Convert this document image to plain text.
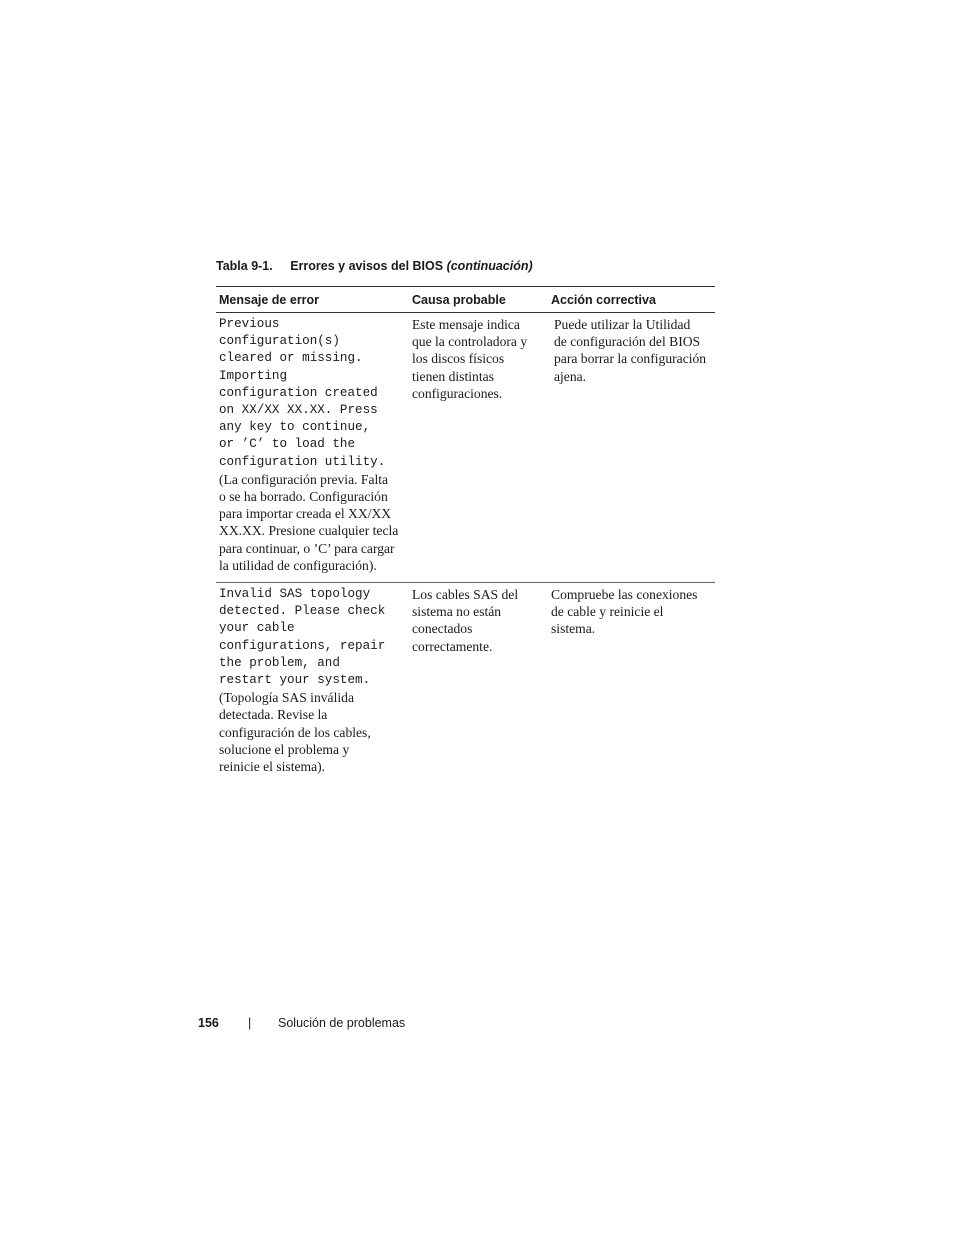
Tabla 9-1. Errores y avisos del BIOS (continuación)
Mensaje de error	Causa probable	Acción correctiva
Previous
configuration(s)
cleared or missing.
Importing
configuration created
on XX/XX XX.XX. Press
any key to continue,
or ’C’ to load the
configuration utility.
(La configuración previa. Falta
o se ha borrado. Configuración
para importar creada el XX/XX
XX.XX. Presione cualquier tecla
para continuar, o ’C’ para cargar
la utilidad de configuración).
Este mensaje indica
que la controladora y
los discos físicos
tienen distintas
configuraciones.
Puede utilizar la Utilidad
de configuración del BIOS
para borrar la configuración
ajena.
Invalid SAS topology
detected. Please check
your cable
configurations, repair
the problem, and
restart your system.
(Topología SAS inválida
detectada. Revise la
configuración de los cables,
solucione el problema y
reinicie el sistema).
Los cables SAS del
sistema no están
conectados
correctamente.
Compruebe las conexiones
de cable y reinicie el
sistema.
156 | Solución de problemas
